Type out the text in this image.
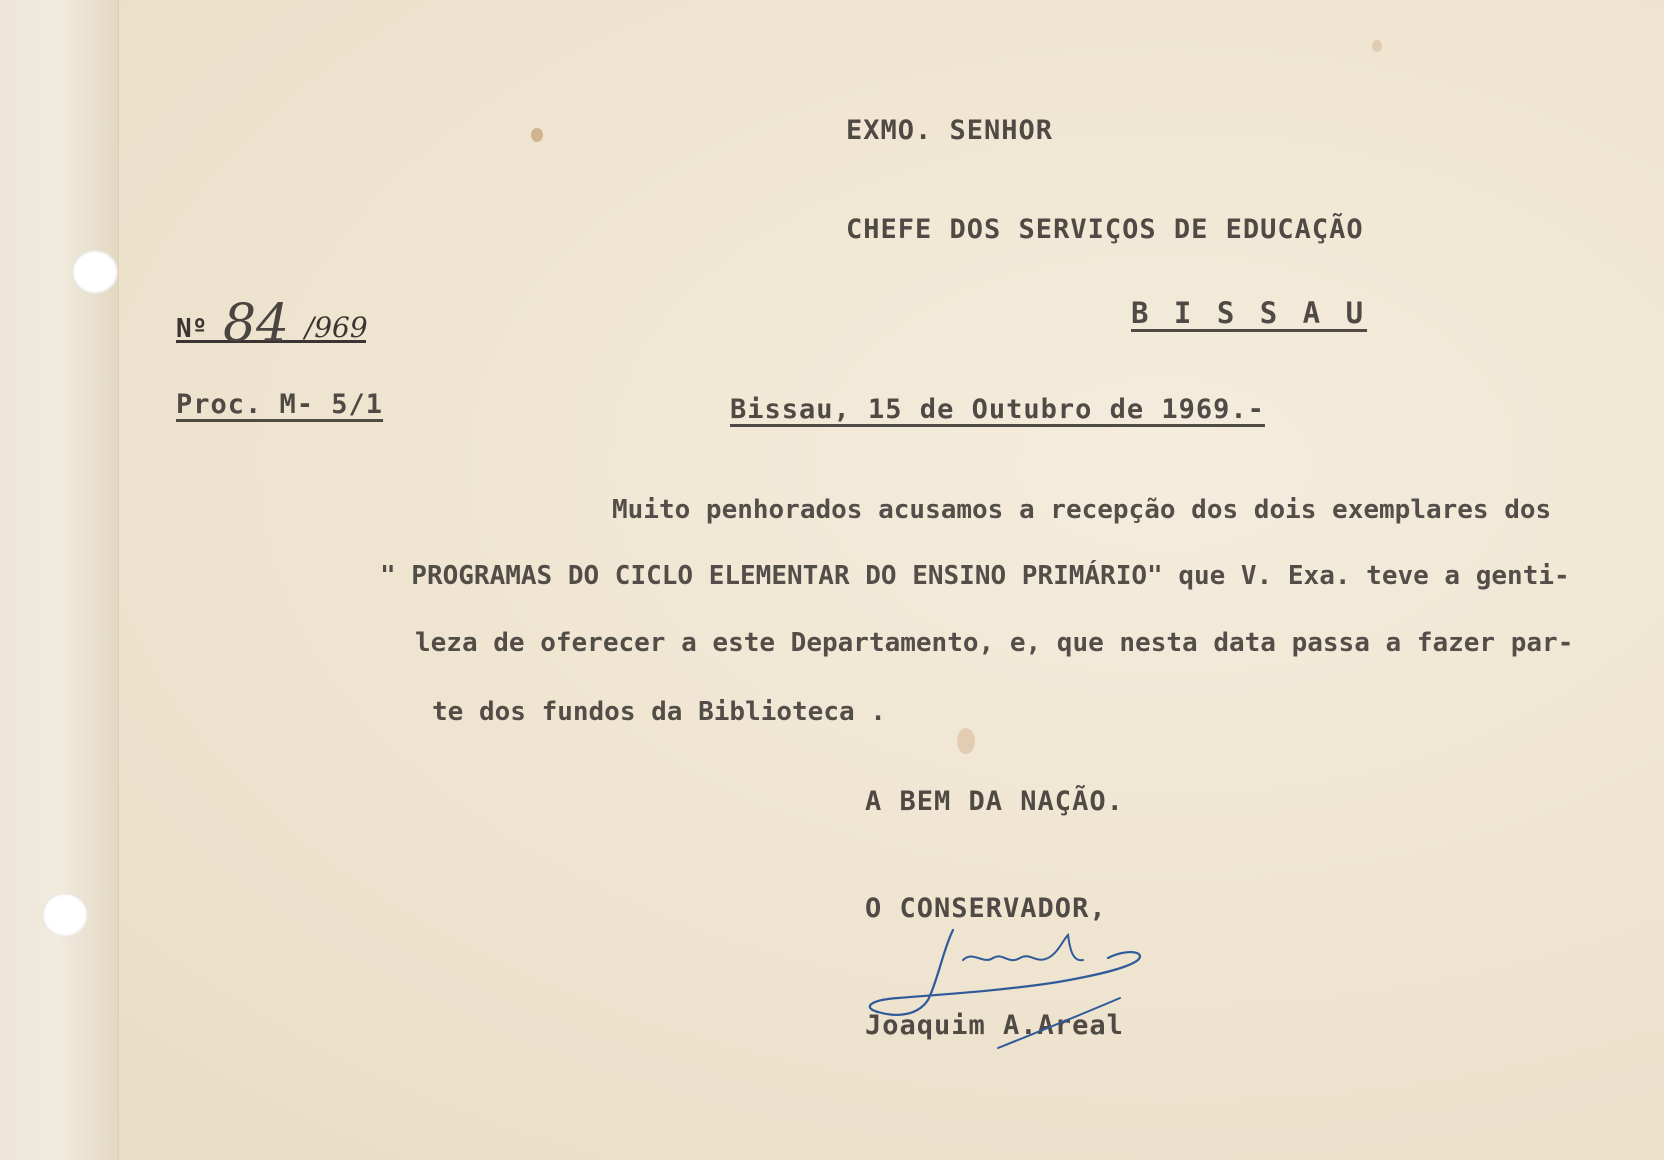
EXMO. SENHOR
CHEFE DOS SERVIÇOS DE EDUCAÇÃO
B I S S A U
Nº 84 /969
Proc. M- 5/1	Bissau, 15 de Outubro de 1969.-
Muito penhorados acusamos a recepção dos dois exemplares dos
" PROGRAMAS DO CICLO ELEMENTAR DO ENSINO PRIMÁRIO" que V. Exa. teve a genti-
leza de oferecer a este Departamento, e, que nesta data passa a fazer par-
te dos fundos da Biblioteca .
A BEM DA NAÇÃO.
O CONSERVADOR,
Joaquim A.Areal
